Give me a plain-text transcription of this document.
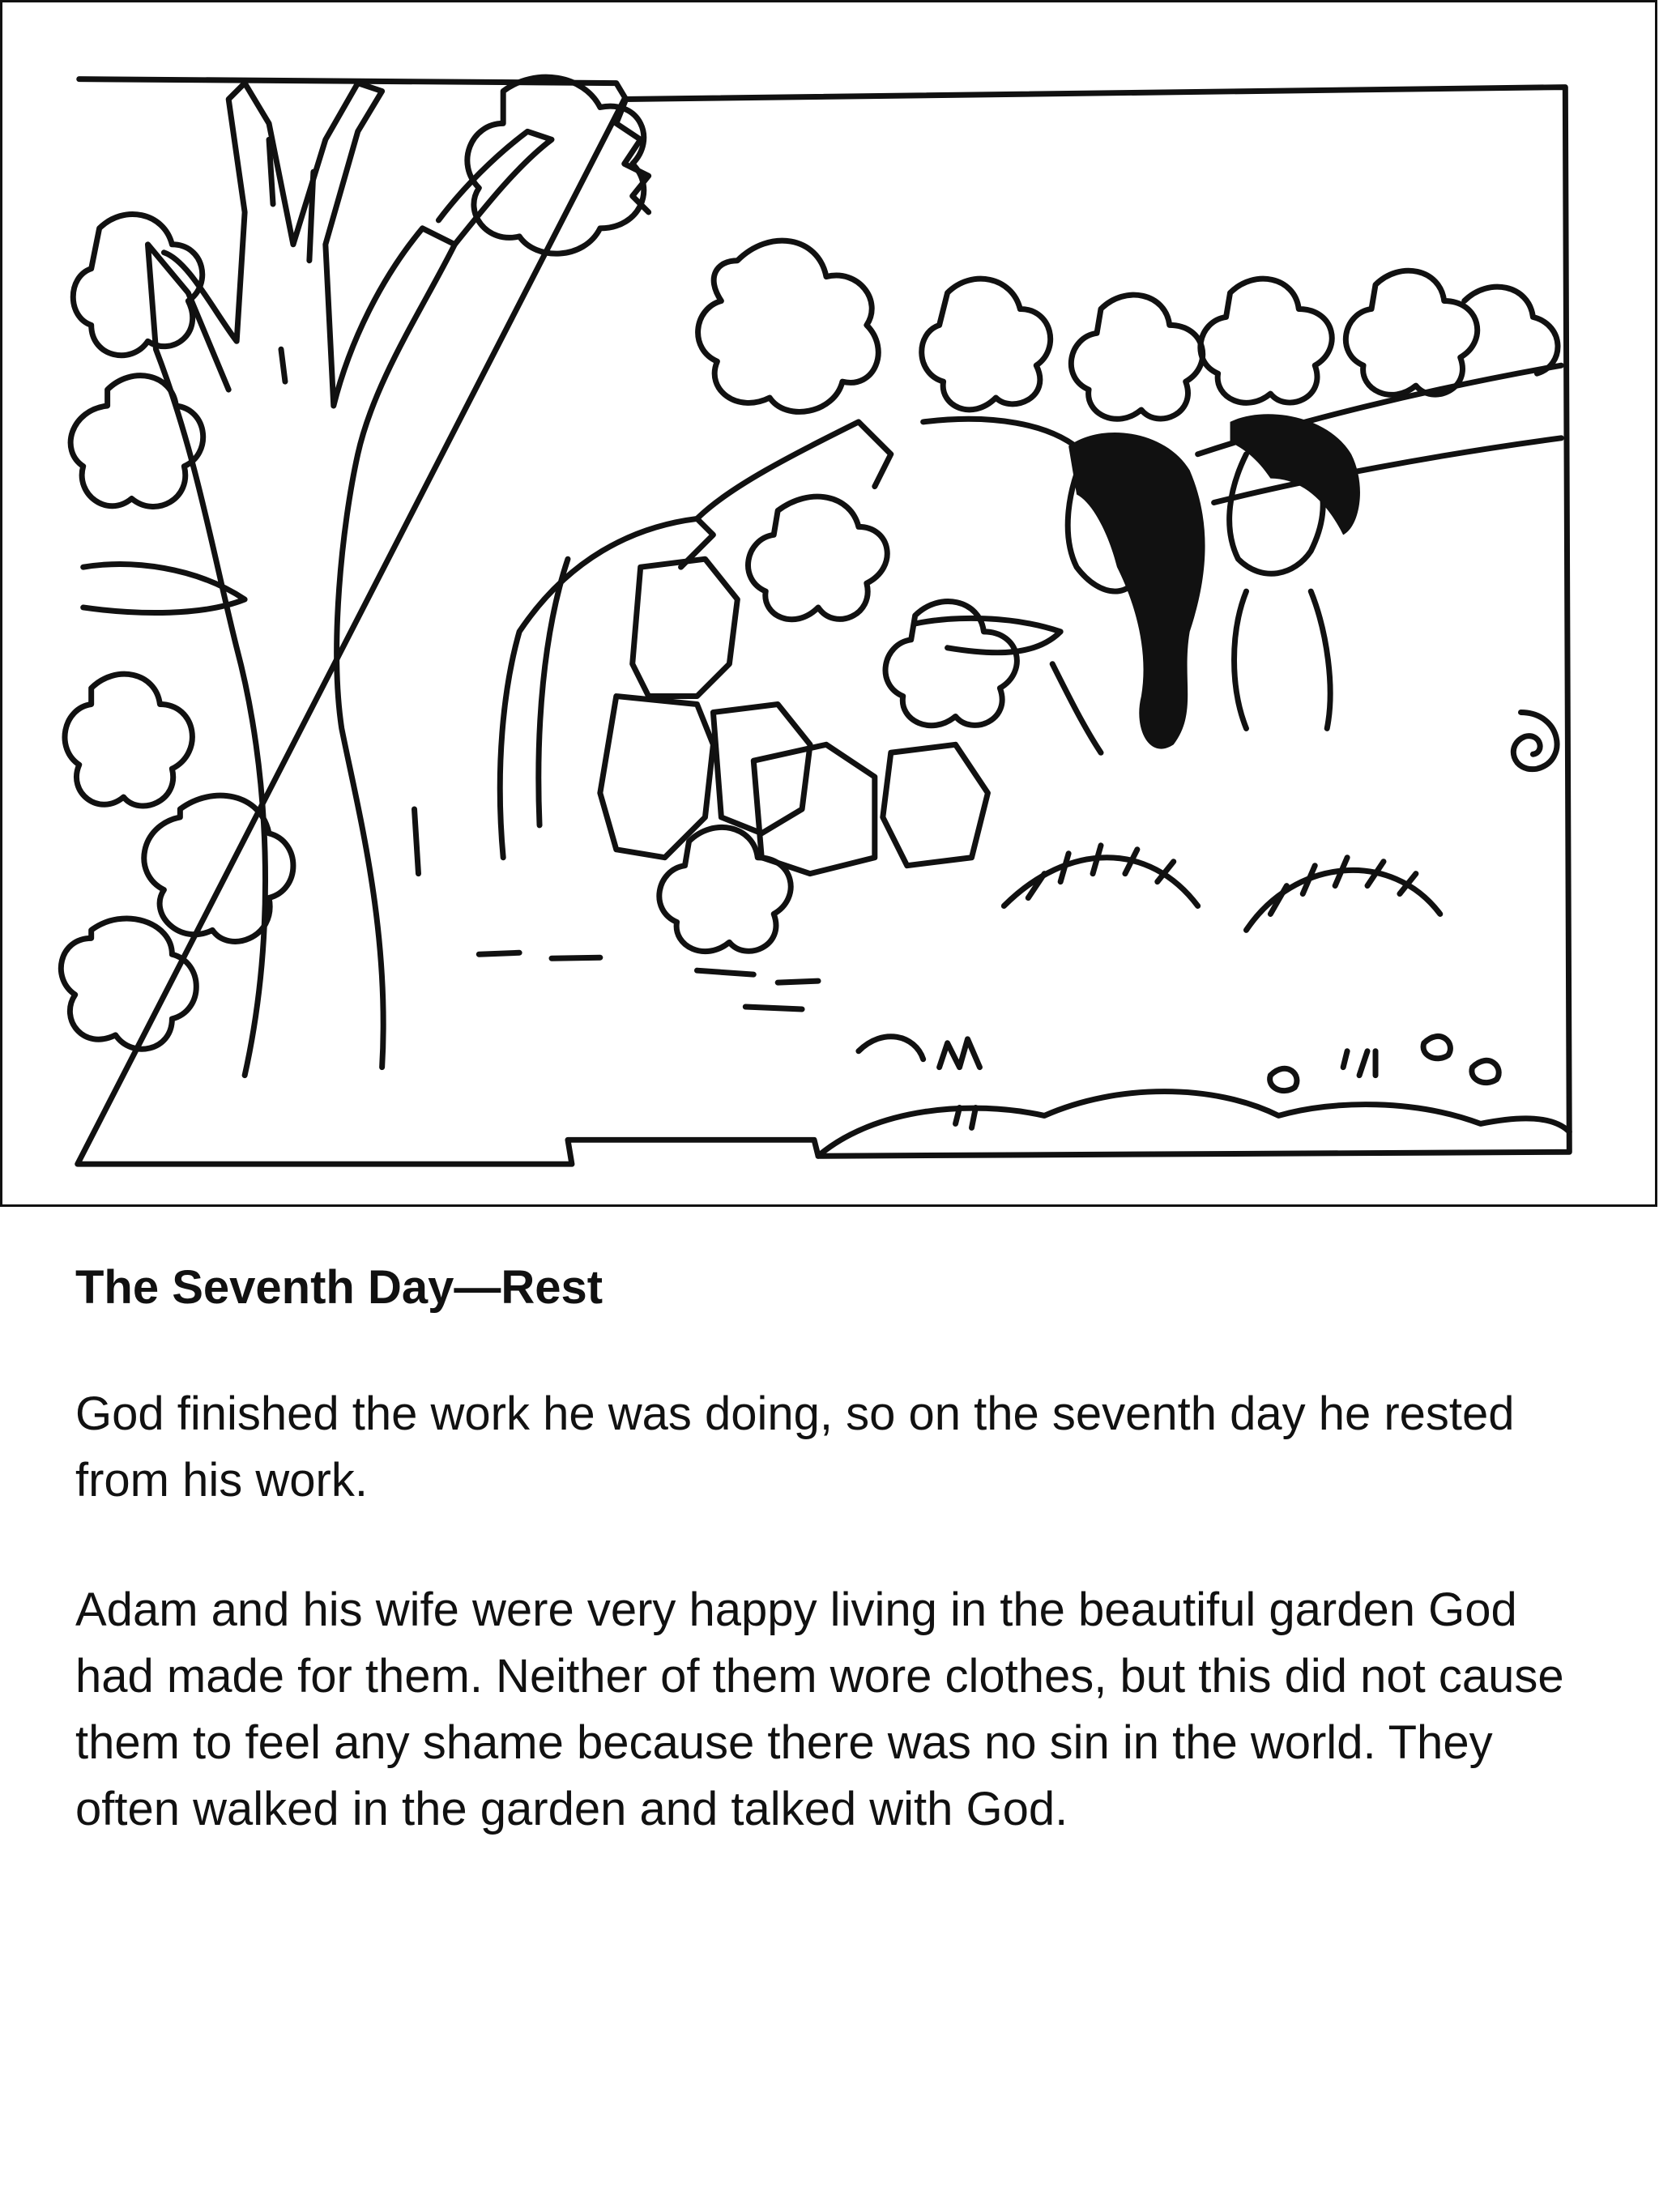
The Seventh Day—Rest

God finished the work he was doing, so on the seventh day he rested from his work.

Adam and his wife were very happy living in the beautiful garden God had made for them. Neither of them wore clothes, but this did not cause them to feel any shame because there was no sin in the world. They often walked in the garden and talked with God.
